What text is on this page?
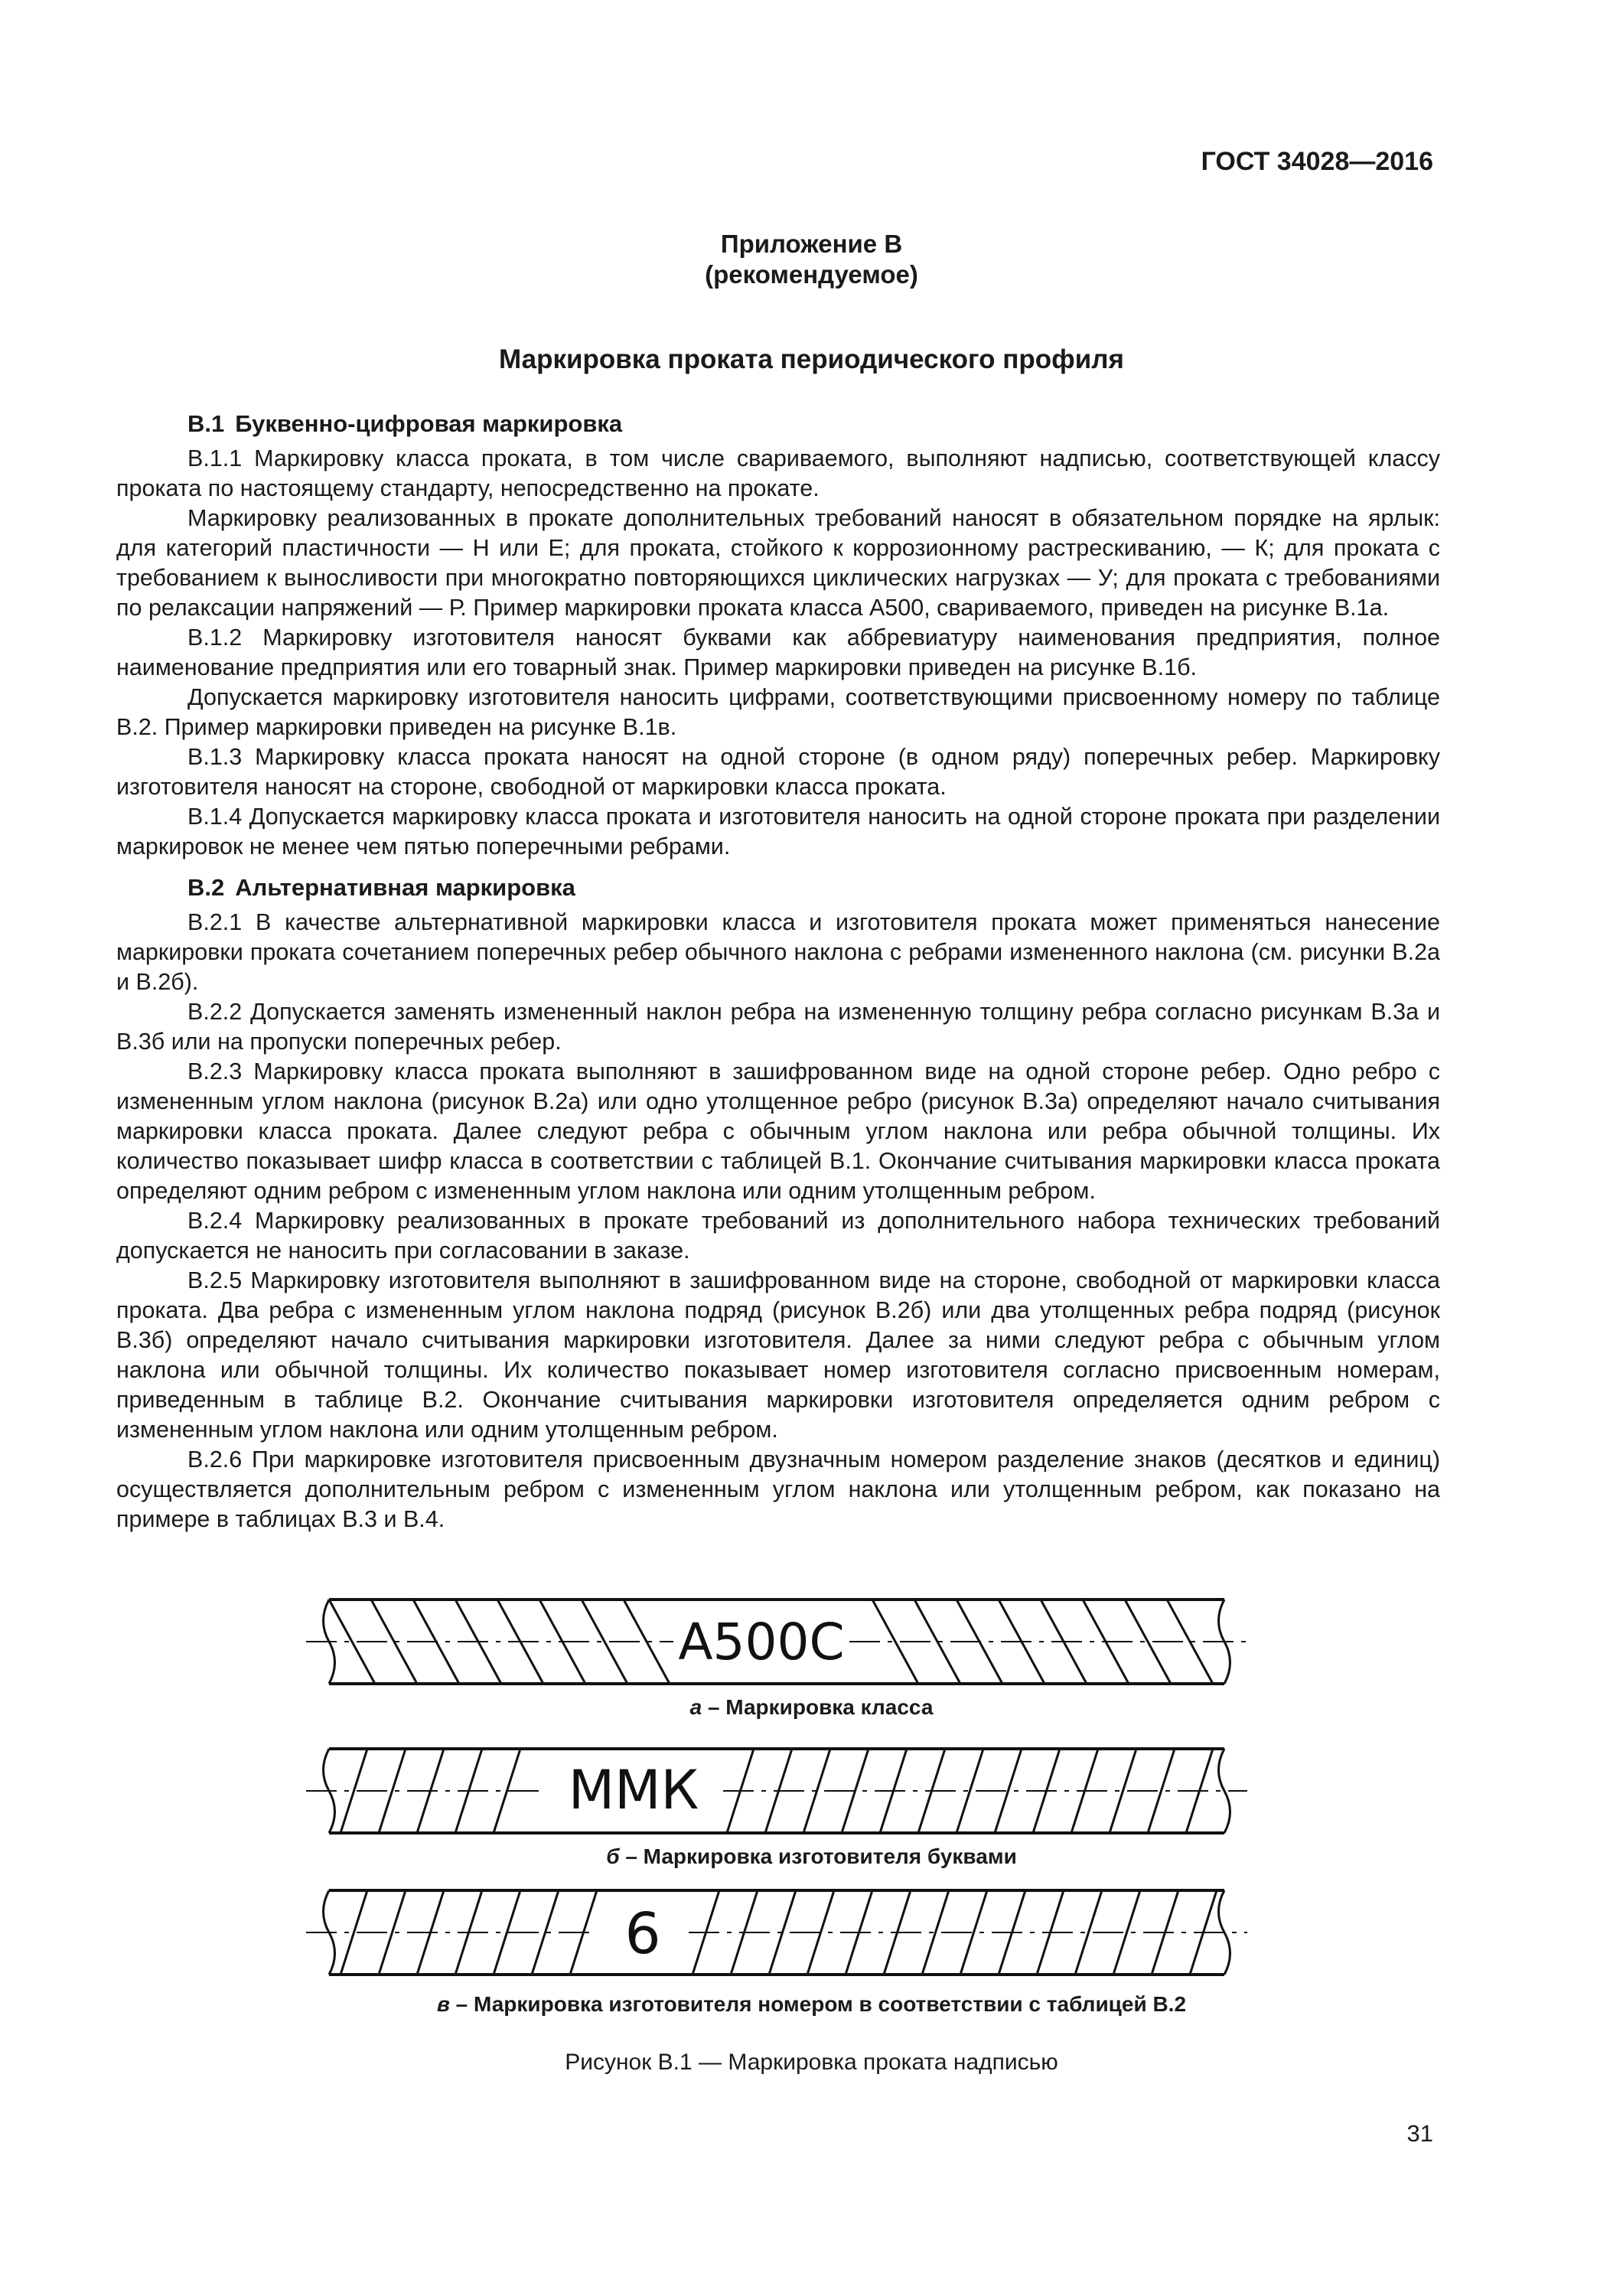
ГОСТ 34028—2016
Приложение В
(рекомендуемое)
Маркировка проката периодического профиля
В.1 Буквенно-цифровая маркировка

В.1.1 Маркировку класса проката, в том числе свариваемого, выполняют надписью, соответствующей классу проката по настоящему стандарту, непосредственно на прокате.

Маркировку реализованных в прокате дополнительных требований наносят в обязательном порядке на ярлык: для категорий пластичности — Н или Е; для проката, стойкого к коррозионному растрескиванию, — К; для проката с требованием к выносливости при многократно повторяющихся циклических нагрузках — У; для проката с требованиями по релаксации напряжений — Р. Пример маркировки проката класса А500, свариваемого, приведен на рисунке В.1а.

В.1.2 Маркировку изготовителя наносят буквами как аббревиатуру наименования предприятия, полное наименование предприятия или его товарный знак. Пример маркировки приведен на рисунке В.1б.

Допускается маркировку изготовителя наносить цифрами, соответствующими присвоенному номеру по таблице В.2. Пример маркировки приведен на рисунке В.1в.

В.1.3 Маркировку класса проката наносят на одной стороне (в одном ряду) поперечных ребер. Маркировку изготовителя наносят на стороне, свободной от маркировки класса проката.

В.1.4 Допускается маркировку класса проката и изготовителя наносить на одной стороне проката при разделении маркировок не менее чем пятью поперечными ребрами.

В.2 Альтернативная маркировка

В.2.1 В качестве альтернативной маркировки класса и изготовителя проката может применяться нанесение маркировки проката сочетанием поперечных ребер обычного наклона с ребрами измененного наклона (см. рисунки В.2а и В.2б).

В.2.2 Допускается заменять измененный наклон ребра на измененную толщину ребра согласно рисункам В.3а и В.3б или на пропуски поперечных ребер.

В.2.3 Маркировку класса проката выполняют в зашифрованном виде на одной стороне ребер. Одно ребро с измененным углом наклона (рисунок В.2а) или одно утолщенное ребро (рисунок В.3а) определяют начало считывания маркировки класса проката. Далее следуют ребра с обычным углом наклона или ребра обычной толщины. Их количество показывает шифр класса в соответствии с таблицей В.1. Окончание считывания маркировки класса проката определяют одним ребром с измененным углом наклона или одним утолщенным ребром.

В.2.4 Маркировку реализованных в прокате требований из дополнительного набора технических требований допускается не наносить при согласовании в заказе.

В.2.5 Маркировку изготовителя выполняют в зашифрованном виде на стороне, свободной от маркировки класса проката. Два ребра с измененным углом наклона подряд (рисунок В.2б) или два утолщенных ребра подряд (рисунок В.3б) определяют начало считывания маркировки изготовителя. Далее за ними следуют ребра с обычным углом наклона или обычной толщины. Их количество показывает номер изготовителя согласно присвоенным номерам, приведенным в таблице В.2. Окончание считывания маркировки изготовителя определяется одним ребром с измененным углом наклона или одним утолщенным ребром.

В.2.6 При маркировке изготовителя присвоенным двузначным номером разделение знаков (десятков и единиц) осуществляется дополнительным ребром с измененным углом наклона или утолщенным ребром, как показано на примере в таблицах В.3 и В.4.

А500С
а – Маркировка класса
ММК
б – Маркировка изготовителя буквами
6
в – Маркировка изготовителя номером в соответствии с таблицей В.2
Рисунок В.1 — Маркировка проката надписью
31
